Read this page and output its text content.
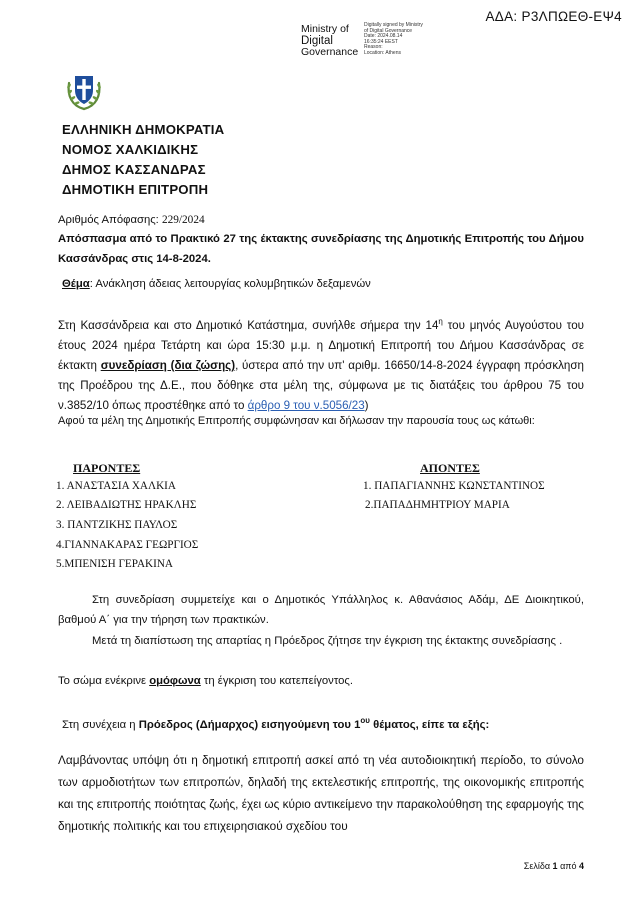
ΑΔΑ: Ρ3ΛΠΩΕΘ-ΕΨ4
Ministry of
Digital
Governance
Digitally signed by Ministry
of Digital Governance
Date: 2024.08.14
16:35:24 EEST
Reason:
Location: Athens
ΕΛΛΗΝΙΚΗ ΔΗΜΟΚΡΑΤΙΑ
ΝΟΜΟΣ ΧΑΛΚΙΔΙΚΗΣ
ΔΗΜΟΣ ΚΑΣΣΑΝΔΡΑΣ
ΔΗΜΟΤΙΚΗ ΕΠΙΤΡΟΠΗ
Αριθμός Απόφασης: 229/2024
Απόσπασμα από το Πρακτικό 27 της έκτακτης συνεδρίασης της Δημοτικής Επιτροπής του Δήμου Κασσάνδρας στις 14-8-2024.
Θέμα: Ανάκληση άδειας λειτουργίας κολυμβητικών δεξαμενών
Στη Κασσάνδρεια και στο Δημοτικό Κατάστημα, συνήλθε σήμερα την $14^\eta$ του μηνός Αυγούστου του έτους 2024 ημέρα Τετάρτη και ώρα 15:30 μ.μ. η Δημοτική Επιτροπή του Δήμου Κασσάνδρας σε έκτακτη συνεδρίαση (δια ζώσης), ύστερα από την υπ' αριθμ. 16650/14-8-2024 έγγραφη πρόσκληση της Προέδρου της Δ.Ε., που δόθηκε στα μέλη της, σύμφωνα με τις διατάξεις του άρθρου 75 του ν.3852/10 όπως προστέθηκε από το άρθρο 9 του ν.5056/23)
Αφού τα μέλη της Δημοτικής Επιτροπής συμφώνησαν και δήλωσαν την παρουσία τους ως κάτωθι:
ΠΑΡΟΝΤΕΣ
1. ΑΝΑΣΤΑΣΙΑ ΧΑΛΚΙΑ
2. ΛΕΙΒΑΔΙΩΤΗΣ ΗΡΑΚΛΗΣ
3. ΠΑΝΤΖΙΚΗΣ ΠΑΥΛΟΣ
4.ΓΙΑΝΝΑΚΑΡΑΣ ΓΕΩΡΓΙΟΣ
5.ΜΠΕΝΙΣΗ ΓΕΡΑΚΙΝΑ
ΑΠΟΝΤΕΣ
1. ΠΑΠΑΓΙΑΝΝΗΣ ΚΩΝΣΤΑΝΤΙΝΟΣ
2.ΠΑΠΑΔΗΜΗΤΡΙΟΥ ΜΑΡΙΑ
Στη συνεδρίαση συμμετείχε και ο Δημοτικός Υπάλληλος κ. Αθανάσιος Αδάμ, ΔΕ Διοικητικού, βαθμού Α΄ για την τήρηση των πρακτικών.
Μετά τη διαπίστωση της απαρτίας η Πρόεδρος ζήτησε την έγκριση της έκτακτης συνεδρίασης .
Το σώμα ενέκρινε ομόφωνα τη έγκριση του κατεπείγοντος.
Στη συνέχεια η Πρόεδρος (Δήμαρχος) εισηγούμενη του $1^{o\upsilon}$ θέματος, είπε τα εξής:
Λαμβάνοντας υπόψη ότι η δημοτική επιτροπή ασκεί από τη νέα αυτοδιοικητική περίοδο, το σύνολο των αρμοδιοτήτων των επιτροπών, δηλαδή της εκτελεστικής επιτροπής, της οικονομικής επιτροπής και της επιτροπής ποιότητας ζωής, έχει ως κύριο αντικείμενο την παρακολούθηση της εφαρμογής της δημοτικής πολιτικής και του επιχειρησιακού σχεδίου του
Σελίδα 1 από 4
